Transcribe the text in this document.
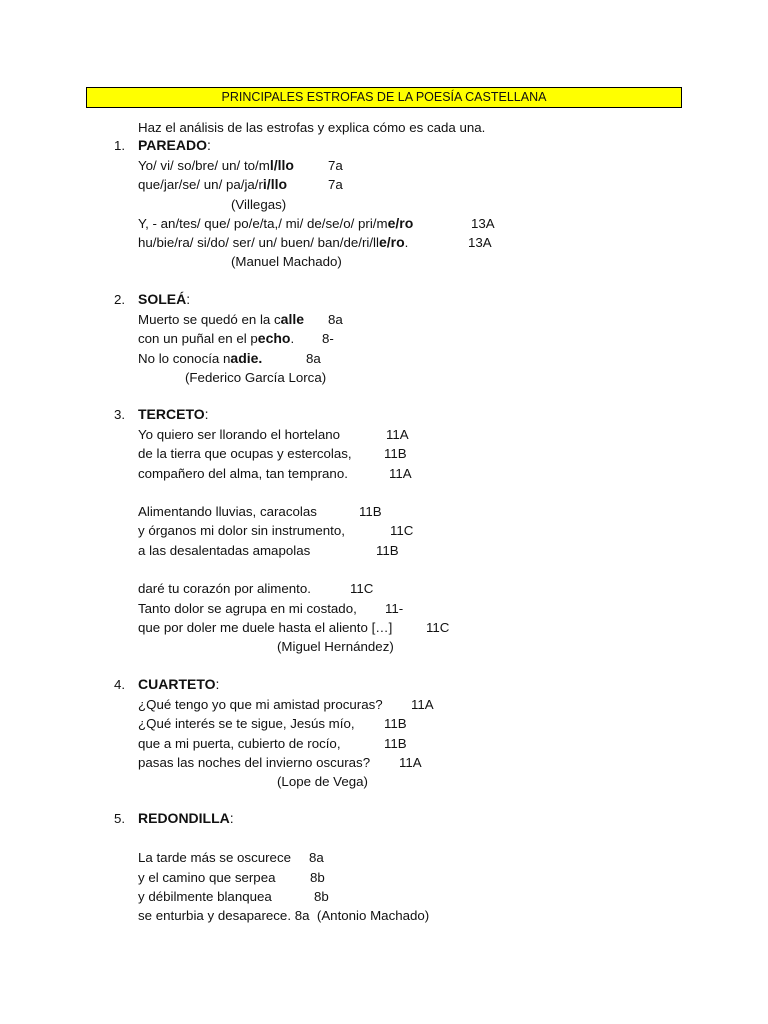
PRINCIPALES ESTROFAS DE LA POESÍA CASTELLANA
Haz el análisis de las estrofas y explica cómo es cada una.
1. PAREADO:
Yo/ vi/ so/bre/ un/ to/ml/llo	7a
que/jar/se/ un/ pa/ja/ri/llo	7a
(Villegas)
Y, - an/tes/ que/ po/e/ta,/ mi/ de/se/o/ pri/me/ro	13A
hu/bie/ra/ si/do/ ser/ un/ buen/ ban/de/ri/lle/ro.	13A
(Manuel Machado)
2. SOLEÁ:
Muerto se quedó en la calle 8a
con un puñal en el pecho. 8-
No lo conocía nadie.	8a
(Federico García Lorca)
3. TERCETO:
Yo quiero ser llorando el hortelano	11A
de la tierra que ocupas y estercolas, 11B
compañero del alma, tan temprano.	11A
Alimentando lluvias, caracolas	11B
y órganos mi dolor sin instrumento,	11C
a las desalentadas amapolas	11B
daré tu corazón por alimento.	11C
Tanto dolor se agrupa en mi costado, 11-
que por doler me duele hasta el aliento […]	11C
(Miguel Hernández)
4. CUARTETO:
¿Qué tengo yo que mi amistad procuras? 11A
¿Qué interés se te sigue, Jesús mío, 11B
que a mi puerta, cubierto de rocío,	11B
pasas las noches del invierno oscuras? 11A
(Lope de Vega)
5. REDONDILLA:
La tarde más se oscurece 8a
y el camino que serpea	8b
y débilmente blanquea	8b
se enturbia y desaparece. 8a  (Antonio Machado)
